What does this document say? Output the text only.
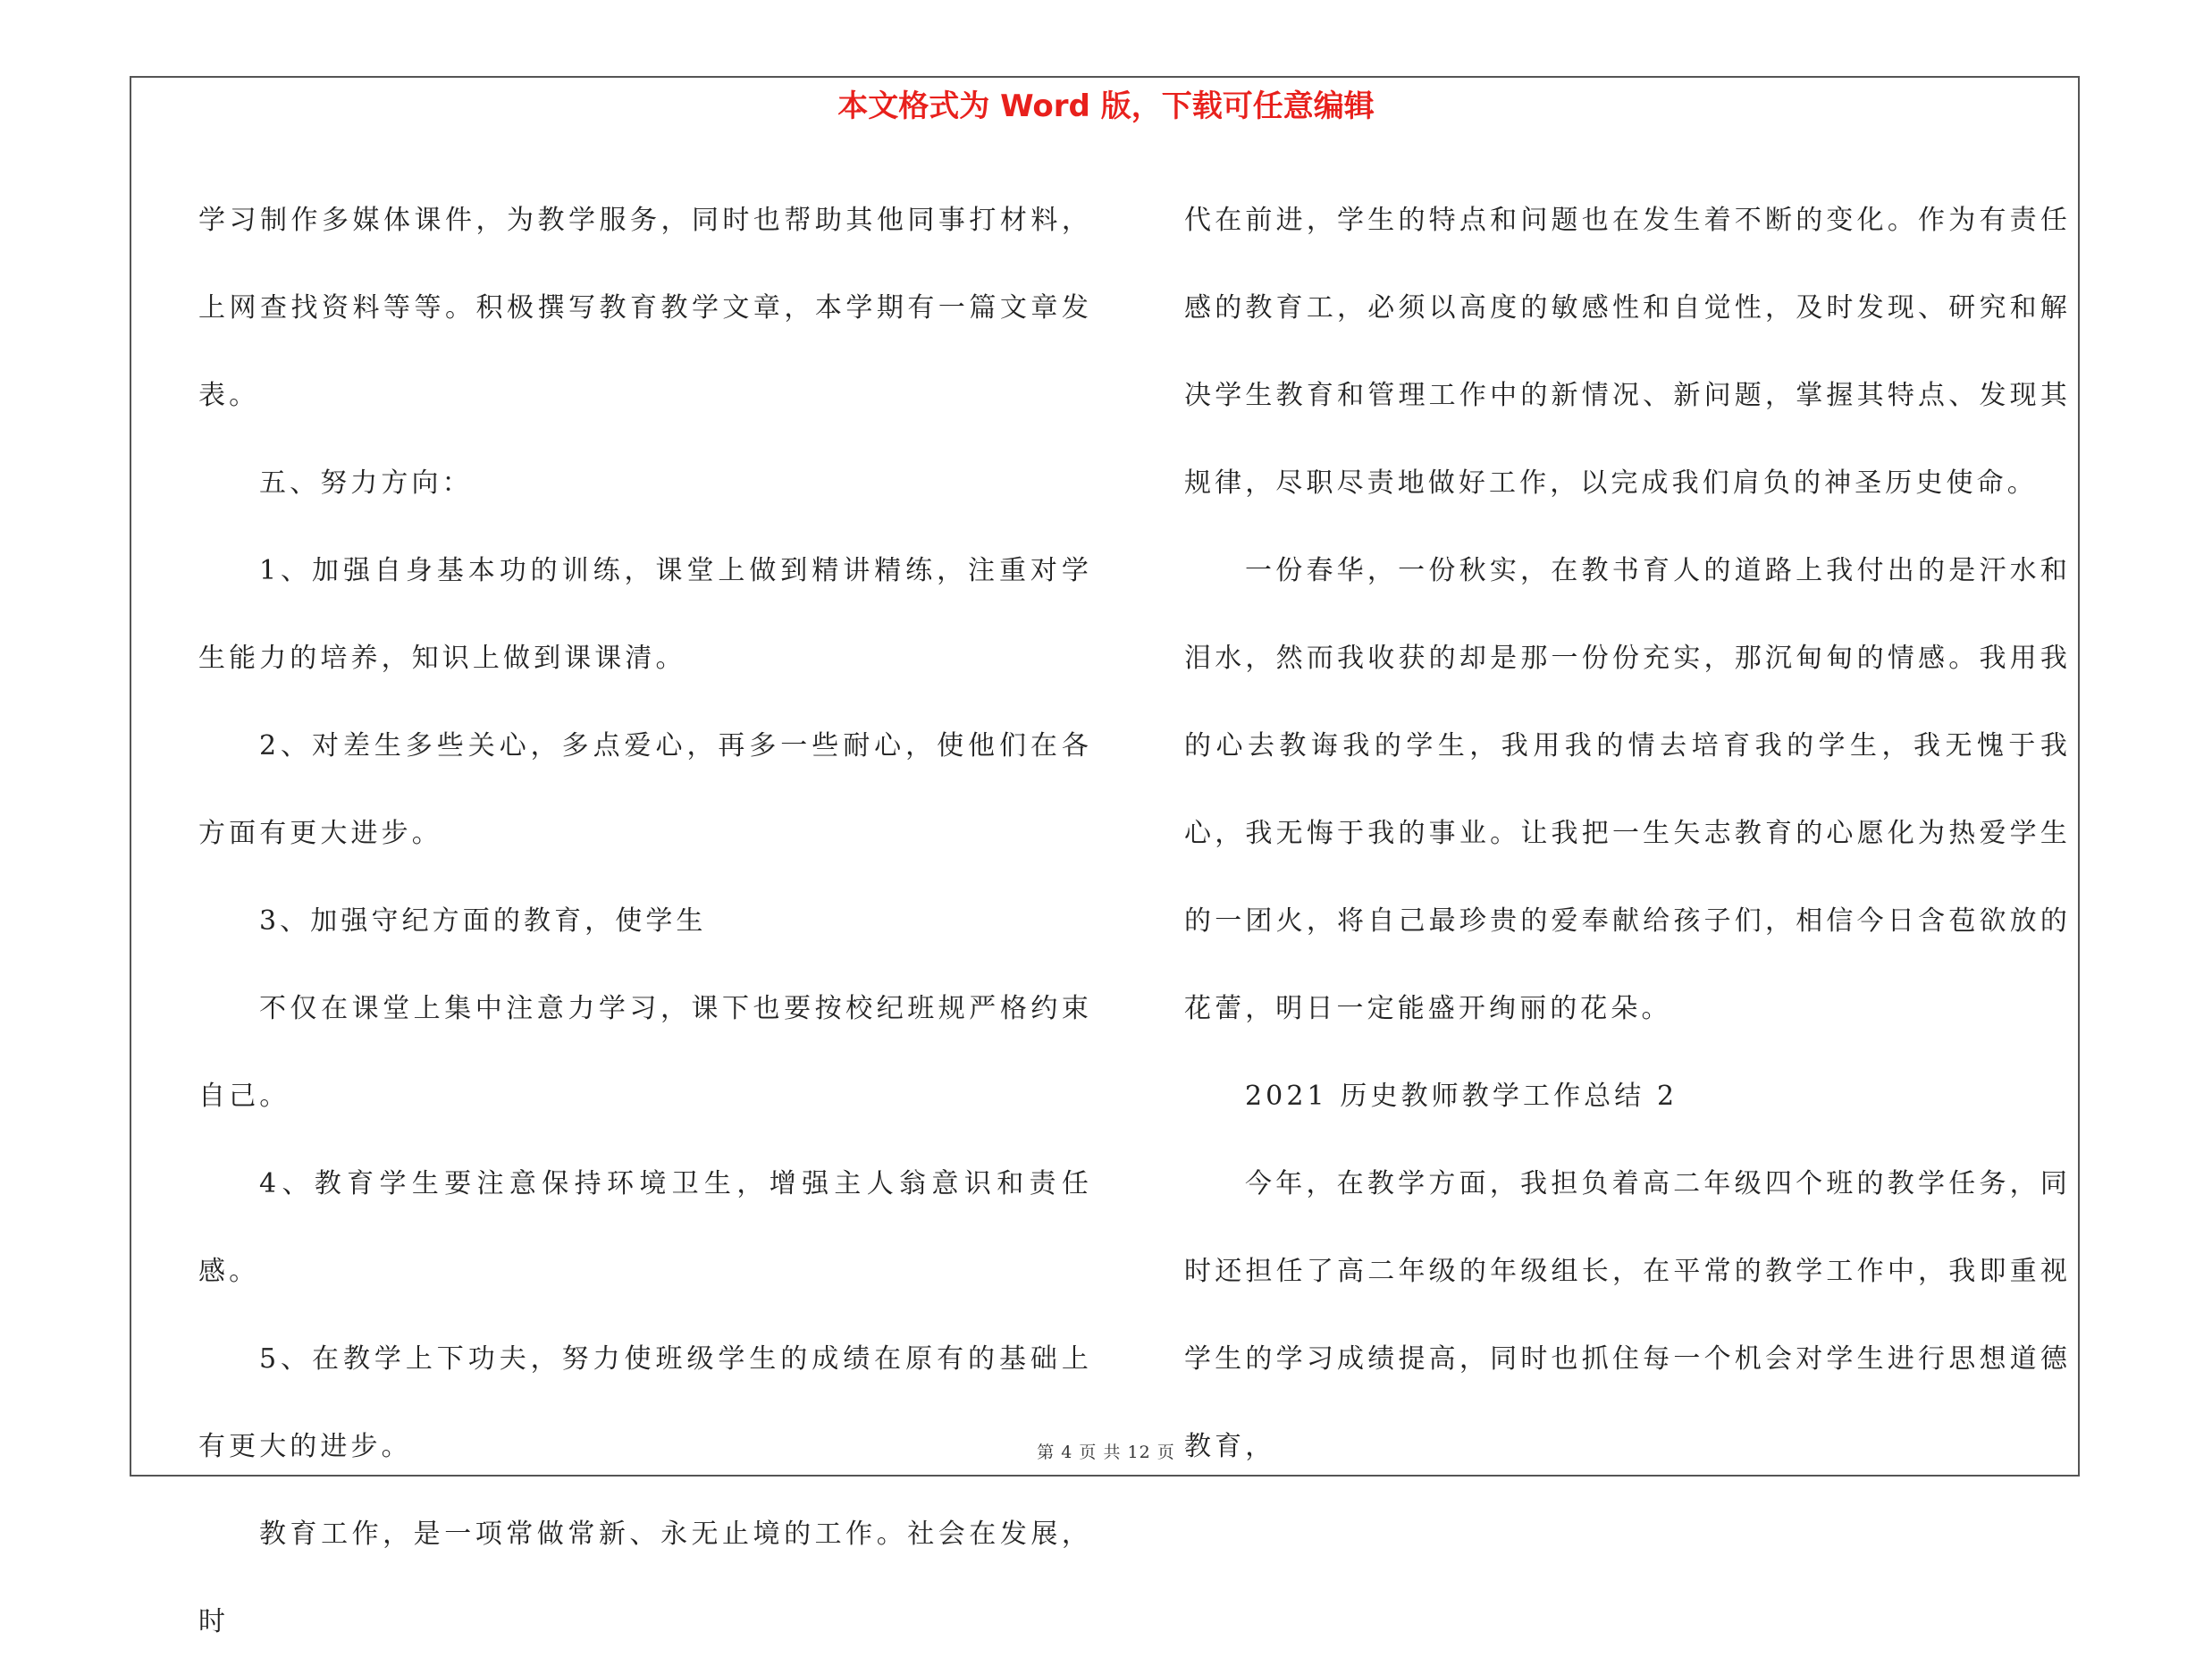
本文格式为 Word 版，下载可任意编辑

学习制作多媒体课件，为教学服务，同时也帮助其他同事打材料，上网查找资料等等。积极撰写教育教学文章，本学期有一篇文章发表。

五、努力方向：

1、加强自身基本功的训练，课堂上做到精讲精练，注重对学生能力的培养，知识上做到课课清。

2、对差生多些关心，多点爱心，再多一些耐心，使他们在各方面有更大进步。

3、加强守纪方面的教育，使学生

不仅在课堂上集中注意力学习，课下也要按校纪班规严格约束自己。

4、教育学生要注意保持环境卫生，增强主人翁意识和责任感。

5、在教学上下功夫，努力使班级学生的成绩在原有的基础上有更大的进步。

教育工作，是一项常做常新、永无止境的工作。社会在发展，时

代在前进，学生的特点和问题也在发生着不断的变化。作为有责任感的教育工，必须以高度的敏感性和自觉性，及时发现、研究和解决学生教育和管理工作中的新情况、新问题，掌握其特点、发现其规律，尽职尽责地做好工作，以完成我们肩负的神圣历史使命。

一份春华，一份秋实，在教书育人的道路上我付出的是汗水和泪水，然而我收获的却是那一份份充实，那沉甸甸的情感。我用我的心去教诲我的学生，我用我的情去培育我的学生，我无愧于我心，我无悔于我的事业。让我把一生矢志教育的心愿化为热爱学生的一团火，将自己最珍贵的爱奉献给孩子们，相信今日含苞欲放的花蕾，明日一定能盛开绚丽的花朵。

2021 历史教师教学工作总结 2

今年，在教学方面，我担负着高二年级四个班的教学任务，同时还担任了高二年级的年级组长，在平常的教学工作中，我即重视学生的学习成绩提高，同时也抓住每一个机会对学生进行思想道德教育，

第 4 页 共 12 页
